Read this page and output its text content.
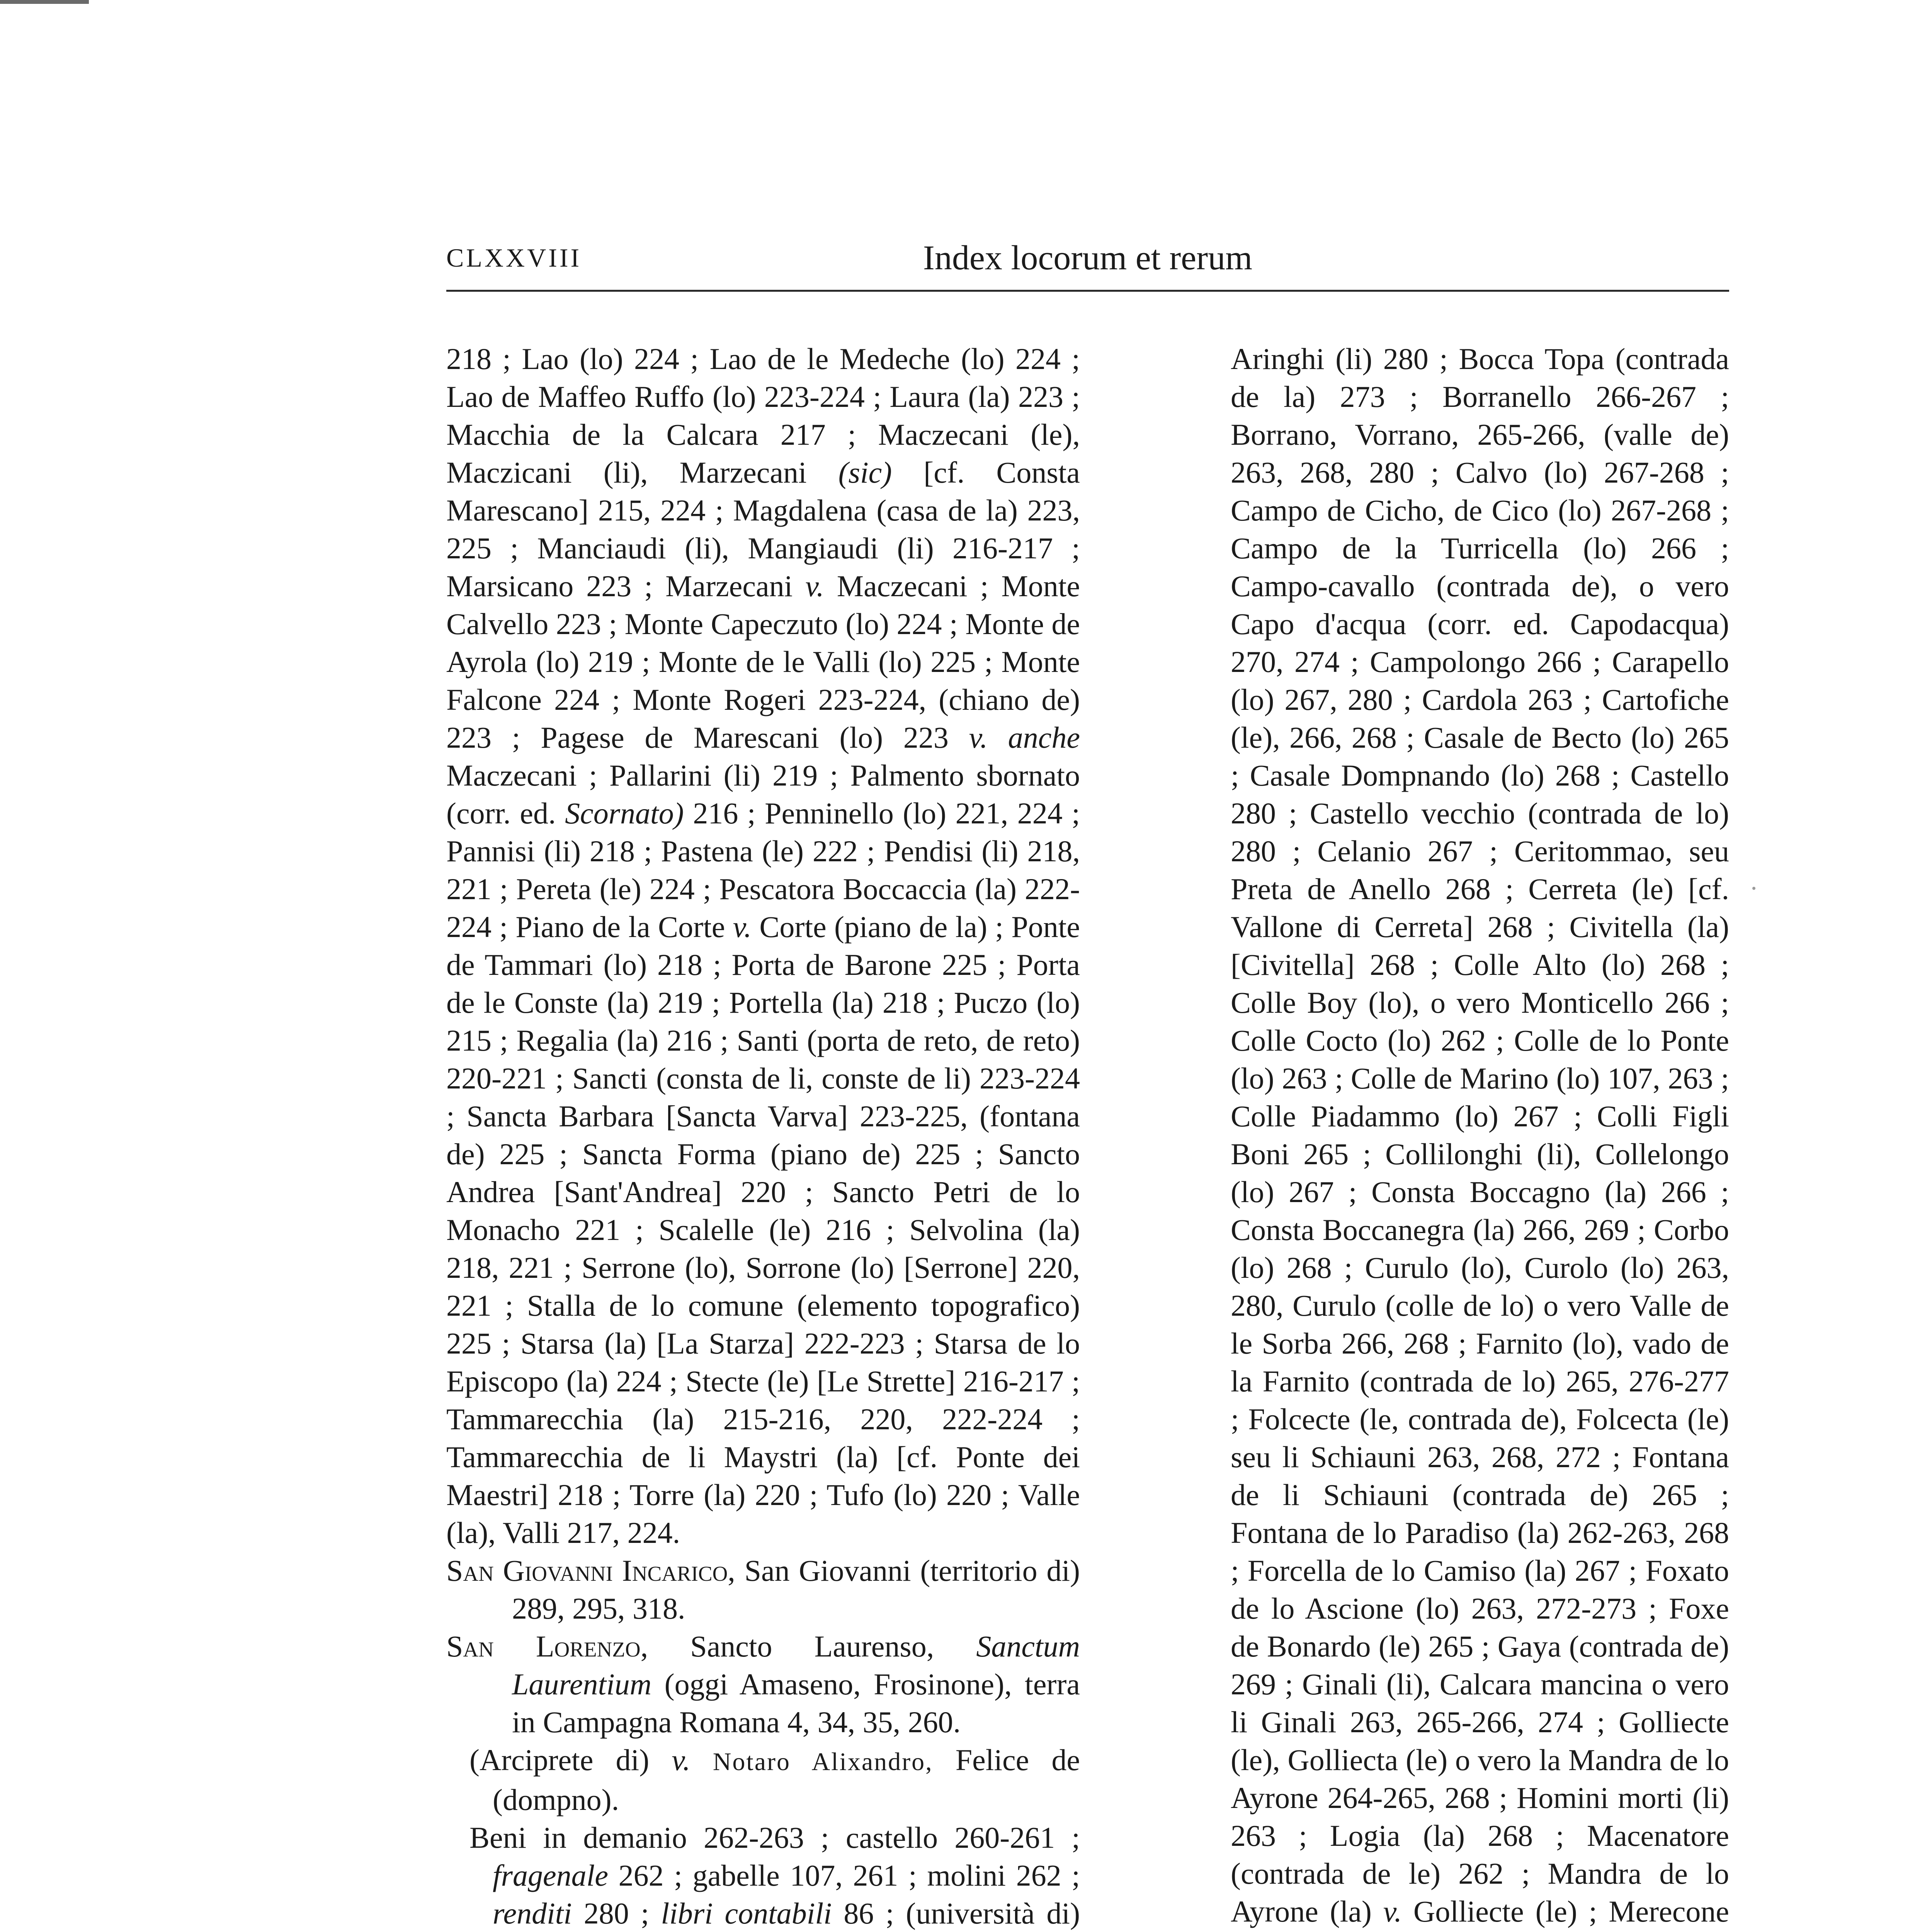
CLXXVIII	Index locorum et rerum

218 ; Lao (lo) 224 ; Lao de le Medeche (lo) 224 ; Lao de Maffeo Ruffo (lo) 223-224 ; Laura (la) 223 ; Macchia de la Calcara 217 ; Maczecani (le), Maczicani (li), Marzecani (sic) [cf. Consta Marescano] 215, 224 ; Magdalena (casa de la) 223, 225 ; Manciaudi (li), Mangiaudi (li) 216-217 ; Marsicano 223 ; Marzecani v. Maczecani ; Monte Calvello 223 ; Monte Capeczuto (lo) 224 ; Monte de Ayrola (lo) 219 ; Monte de le Valli (lo) 225 ; Monte Falcone 224 ; Monte Rogeri 223-224, (chiano de) 223 ; Pagese de Marescani (lo) 223 v. anche Maczecani ; Pallarini (li) 219 ; Palmento sbornato (corr. ed. Scornato) 216 ; Penninello (lo) 221, 224 ; Pannisi (li) 218 ; Pastena (le) 222 ; Pendisi (li) 218, 221 ; Pereta (le) 224 ; Pescatora Boccaccia (la) 222-224 ; Piano de la Corte v. Corte (piano de la) ; Ponte de Tammari (lo) 218 ; Porta de Barone 225 ; Porta de le Conste (la) 219 ; Portella (la) 218 ; Puczo (lo) 215 ; Regalia (la) 216 ; Santi (porta de reto, de reto) 220-221 ; Sancti (consta de li, conste de li) 223-224 ; Sancta Barbara [Sancta Varva] 223-225, (fontana de) 225 ; Sancta Forma (piano de) 225 ; Sancto Andrea [Sant'Andrea] 220 ; Sancto Petri de lo Monacho 221 ; Scalelle (le) 216 ; Selvolina (la) 218, 221 ; Serrone (lo), Sorrone (lo) [Serrone] 220, 221 ; Stalla de lo comune (elemento topografico) 225 ; Starsa (la) [La Starza] 222-223 ; Starsa de lo Episcopo (la) 224 ; Stecte (le) [Le Strette] 216-217 ; Tammarecchia (la) 215-216, 220, 222-224 ; Tammarecchia de li Maystri (la) [cf. Ponte dei Maestri] 218 ; Torre (la) 220 ; Tufo (lo) 220 ; Valle (la), Valli 217, 224.

San Giovanni Incarico, San Giovanni (territorio di) 289, 295, 318.

San Lorenzo, Sancto Laurenso, Sanctum Laurentium (oggi Amaseno, Frosinone), terra in Campagna Romana 4, 34, 35, 260.

(Arciprete di) v. Notaro Alixandro, Felice de (dompno).

Beni in demanio 262-263 ; castello 260-261 ; fragenale 262 ; gabelle 107, 261 ; molini 262 ; renditi 280 ; libri contabili 86 ; (università di)

Aringhi (li) 280 ; Bocca Topa (contrada de la) 273 ; Borranello 266-267 ; Borrano, Vorrano, 265-266, (valle de) 263, 268, 280 ; Calvo (lo) 267-268 ; Campo de Cicho, de Cico (lo) 267-268 ; Campo de la Turricella (lo) 266 ; Campo-cavallo (contrada de), o vero Capo d'acqua (corr. ed. Capodacqua) 270, 274 ; Campolongo 266 ; Carapello (lo) 267, 280 ; Cardola 263 ; Cartofiche (le), 266, 268 ; Casale de Becto (lo) 265 ; Casale Dompnando (lo) 268 ; Castello 280 ; Castello vecchio (contrada de lo) 280 ; Celanio 267 ; Ceritommao, seu Preta de Anello 268 ; Cerreta (le) [cf. Vallone di Cerreta] 268 ; Civitella (la) [Civitella] 268 ; Colle Alto (lo) 268 ; Colle Boy (lo), o vero Monticello 266 ; Colle Cocto (lo) 262 ; Colle de lo Ponte (lo) 263 ; Colle de Marino (lo) 107, 263 ; Colle Piadammo (lo) 267 ; Colli Figli Boni 265 ; Collilonghi (li), Collelongo (lo) 267 ; Consta Boccagno (la) 266 ; Consta Boccanegra (la) 266, 269 ; Corbo (lo) 268 ; Curulo (lo), Curolo (lo) 263, 280, Curulo (colle de lo) o vero Valle de le Sorba 266, 268 ; Farnito (lo), vado de la Farnito (contrada de lo) 265, 276-277 ; Folcecte (le, contrada de), Folcecta (le) seu li Schiauni 263, 268, 272 ; Fontana de li Schiauni (contrada de) 265 ; Fontana de lo Paradiso (la) 262-263, 268 ; Forcella de lo Camiso (la) 267 ; Foxato de lo Ascione (lo) 263, 272-273 ; Foxe de Bonardo (le) 265 ; Gaya (contrada de) 269 ; Ginali (li), Calcara mancina o vero li Ginali 263, 265-266, 274 ; Golliecte (le), Golliecta (le) o vero la Mandra de lo Ayrone 264-265, 268 ; Homini morti (li) 263 ; Logia (la) 268 ; Macenatore (contrada de le) 262 ; Mandra de lo Ayrone (la) v. Golliecte (le) ; Merecone
